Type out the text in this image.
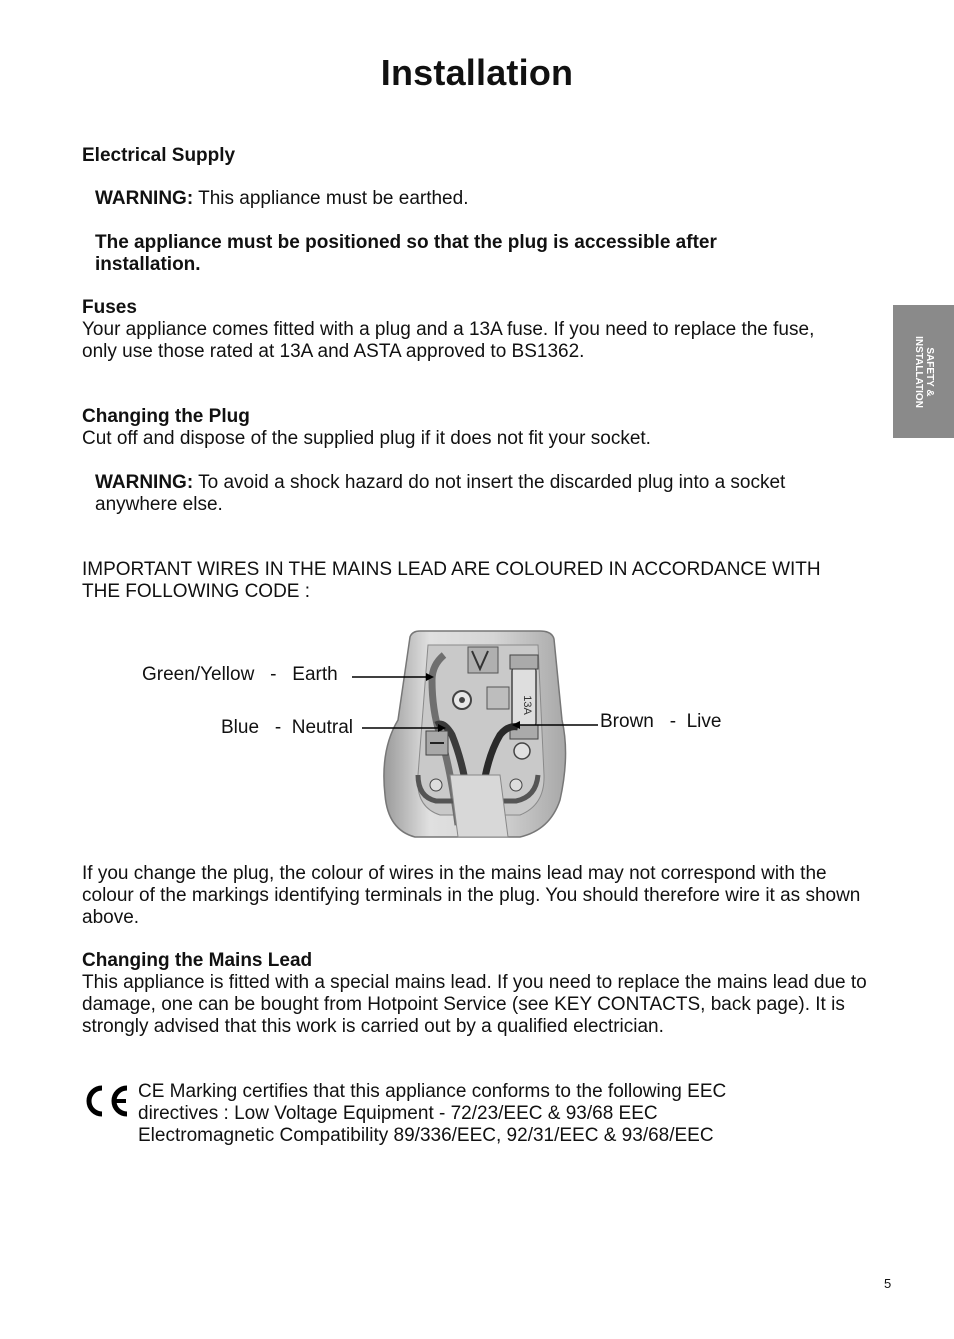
Installation
SAFETY &
INSTALLATION
Electrical Supply

WARNING: This appliance must be earthed.

The appliance must be positioned so that the plug is accessible after installation.

Fuses

Your appliance comes fitted with a plug and a 13A fuse. If you need to replace the fuse, only use those rated at 13A and ASTA approved to BS1362.

Changing the Plug

Cut off and dispose of the supplied plug if it does not fit your socket.

WARNING: To avoid a shock hazard do not insert the discarded plug into a socket anywhere else.

IMPORTANT WIRES IN THE MAINS LEAD ARE COLOURED IN ACCORDANCE WITH THE FOLLOWING CODE :

Green/Yellow   -   Earth
Blue   -  Neutral	Brown   -  Live
13A

If you change the plug, the colour of wires in the mains lead may not correspond with the colour of the markings identifying terminals in the plug. You should therefore wire it as shown above.

Changing the Mains Lead

This appliance is fitted with a special mains lead. If you need to replace the mains lead due to damage, one can be bought from Hotpoint Service (see KEY CONTACTS, back page). It is strongly advised that this work is carried out by a qualified electrician.

CE Marking certifies that this appliance conforms to the following EEC
directives : Low Voltage Equipment - 72/23/EEC & 93/68 EEC
Electromagnetic Compatibility 89/336/EEC, 92/31/EEC & 93/68/EEC
5
